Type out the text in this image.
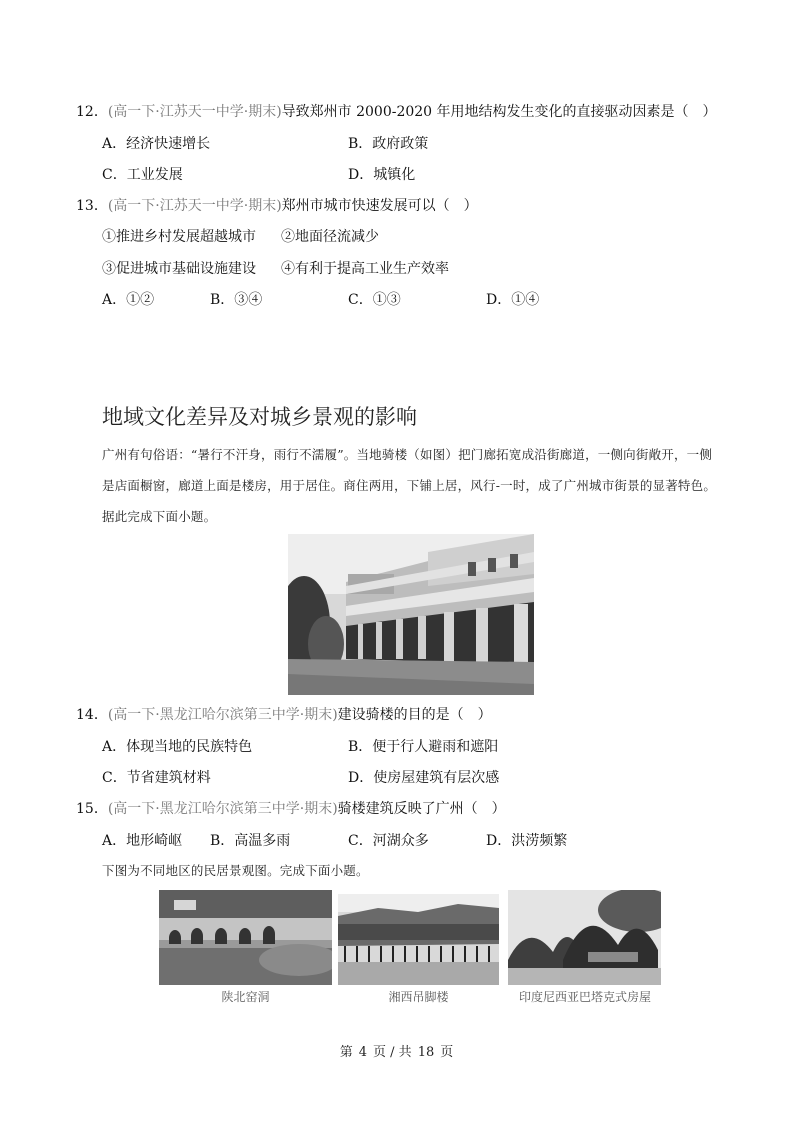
12．(高一下·江苏天一中学·期末)导致郑州市 2000-2020 年用地结构发生变化的直接驱动因素是（　）
A．经济快速增长	B．政府政策
C．工业发展	D．城镇化
13．(高一下·江苏天一中学·期末)郑州市城市快速发展可以（　）
①推进乡村发展超越城市 ②地面径流减少
③促进城市基础设施建设 ④有利于提高工业生产效率
A．①②	B．③④	C．①③	D．①④
地域文化差异及对城乡景观的影响
广州有句俗语：“暑行不汗身，雨行不濡履”。当地骑楼（如图）把门廊拓宽成沿街廊道，一侧向街敞开，一侧是店面橱窗，廊道上面是楼房，用于居住。商住两用，下铺上居，风行-一时，成了广州城市街景的显著特色。据此完成下面小题。
14．(高一下·黑龙江哈尔滨第三中学·期末)建设骑楼的目的是（　）
A．体现当地的民族特色	B．便于行人避雨和遮阳
C．节省建筑材料	D．使房屋建筑有层次感
15．(高一下·黑龙江哈尔滨第三中学·期末)骑楼建筑反映了广州（　）
A．地形崎岖 B．高温多雨	C．河湖众多	D．洪涝频繁
下图为不同地区的民居景观图。完成下面小题。
陕北窑洞	湘西吊脚楼	印度尼西亚巴塔克式房屋
第 4 页 / 共 18 页
